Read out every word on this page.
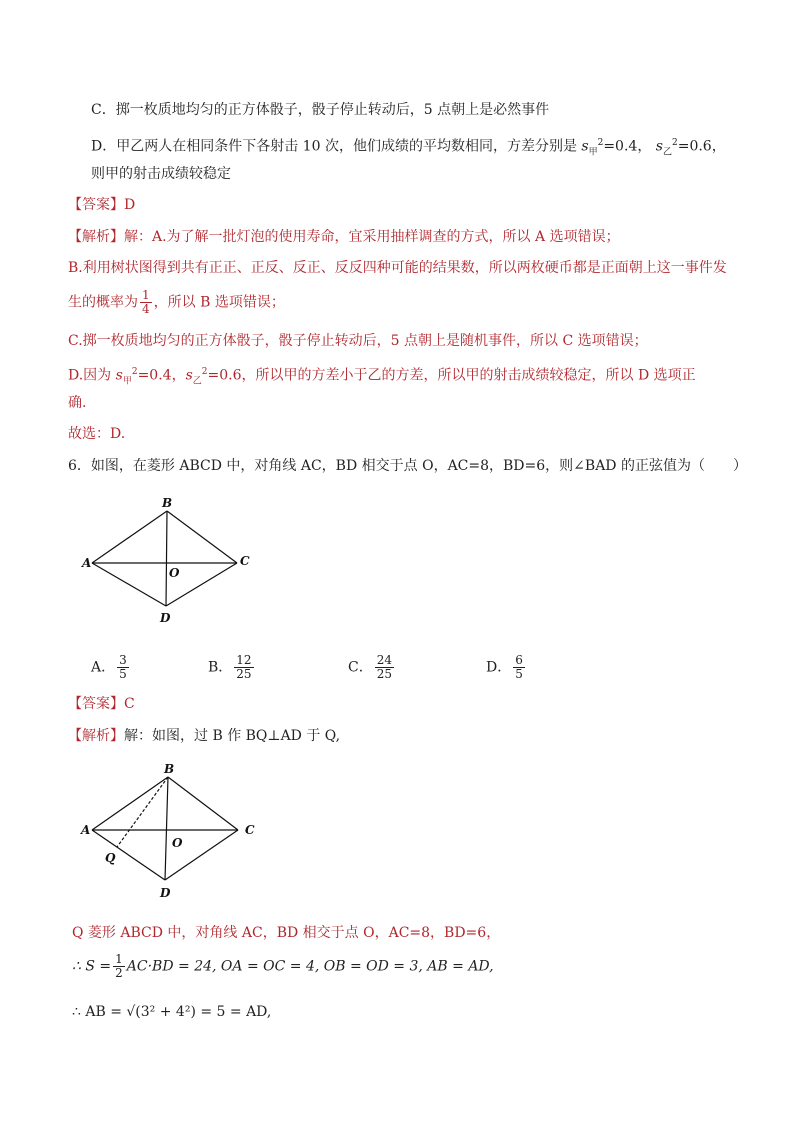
C．掷一枚质地均匀的正方体骰子，骰子停止转动后，5 点朝上是必然事件
D．甲乙两人在相同条件下各射击 10 次，他们成绩的平均数相同，方差分别是 $s_甲^2=0.4$， $s_乙^2=0.6$，
则甲的射击成绩较稳定
【答案】D
【解析】解：A.为了解一批灯泡的使用寿命，宜采用抽样调查的方式，所以 A 选项错误；
B.利用树状图得到共有正正、正反、反正、反反四种可能的结果数，所以两枚硬币都是正面朝上这一事件发
生的概率为 $\frac{1}{4}$ ，所以 B 选项错误；
C.掷一枚质地均匀的正方体骰子，骰子停止转动后，5 点朝上是随机事件，所以 C 选项错误；
D.因为 $s_甲^2=0.4$，$s_乙^2=0.6$，所以甲的方差小于乙的方差，所以甲的射击成绩较稳定，所以 D 选项正
确.
故选：D.
6．如图，在菱形 ABCD 中，对角线 AC，BD 相交于点 O，AC=8，BD=6，则∠BAD 的正弦值为（　　）
A
B
C
D
O
A． $\frac{3}{5}$	B． $\frac{12}{25}$	C． $\frac{24}{25}$	D． $\frac{6}{5}$
【答案】C
【解析】解：如图，过 B 作 BQ⊥AD 于 Q,
A
B
C
D
O
Q
Q 菱形 ABCD 中，对角线 AC，BD 相交于点 O，AC=8，BD=6，
∴ $S = \frac{1}{2} AC\cdot BD = 24$, OA = OC = 4, OB = OD = 3, AB = AD,
∴ AB = √(3² + 4²) = 5 = AD,
